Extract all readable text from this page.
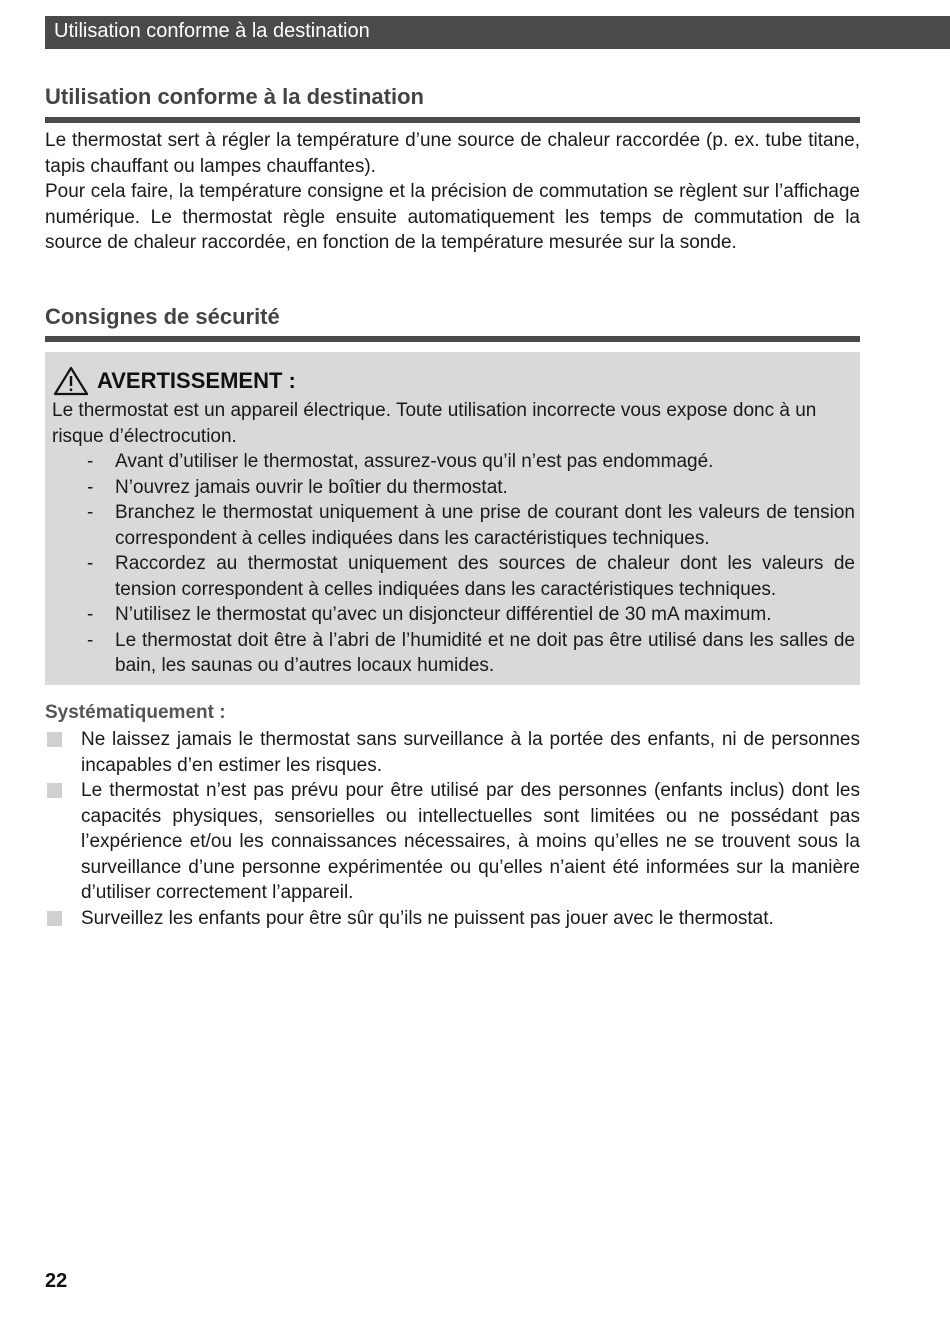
Utilisation conforme à la destination
Utilisation conforme à la destination

Le thermostat sert à régler la température d’une source de chaleur raccordée (p. ex. tube titane, tapis chauffant ou lampes chauffantes).

Pour cela faire, la température consigne et la précision de commutation se règlent sur l’affichage numérique. Le thermostat règle ensuite automatiquement les temps de commutation de la source de chaleur raccordée, en fonction de la température mesurée sur la sonde.

Consignes de sécurité
AVERTISSEMENT :

Le thermostat est un appareil électrique. Toute utilisation incorrecte vous expose donc à un risque d’électrocution.

- Avant d’utiliser le thermostat, assurez-vous qu’il n’est pas endommagé.
- N’ouvrez jamais ouvrir le boîtier du thermostat.
- Branchez le thermostat uniquement à une prise de courant dont les valeurs de tension correspondent à celles indiquées dans les caractéristiques techniques.
- Raccordez au thermostat uniquement des sources de chaleur dont les valeurs de tension correspondent à celles indiquées dans les caractéristiques techniques.
- N’utilisez le thermostat qu’avec un disjoncteur différentiel de 30 mA maximum.
- Le thermostat doit être à l’abri de l’humidité et ne doit pas être utilisé dans les salles de bain, les saunas ou d’autres locaux humides.

Systématiquement :

Ne laissez jamais le thermostat sans surveillance à la portée des enfants, ni de personnes incapables d’en estimer les risques.
Le thermostat n’est pas prévu pour être utilisé par des personnes (enfants inclus) dont les capacités physiques, sensorielles ou intellectuelles sont limitées ou ne possédant pas l’expérience et/ou les connaissances nécessaires, à moins qu’elles ne se trouvent sous la surveillance d’une personne expérimentée ou qu’elles n’aient été informées sur la manière d’utiliser correctement l’appareil.
Surveillez les enfants pour être sûr qu’ils ne puissent pas jouer avec le thermostat.
22
